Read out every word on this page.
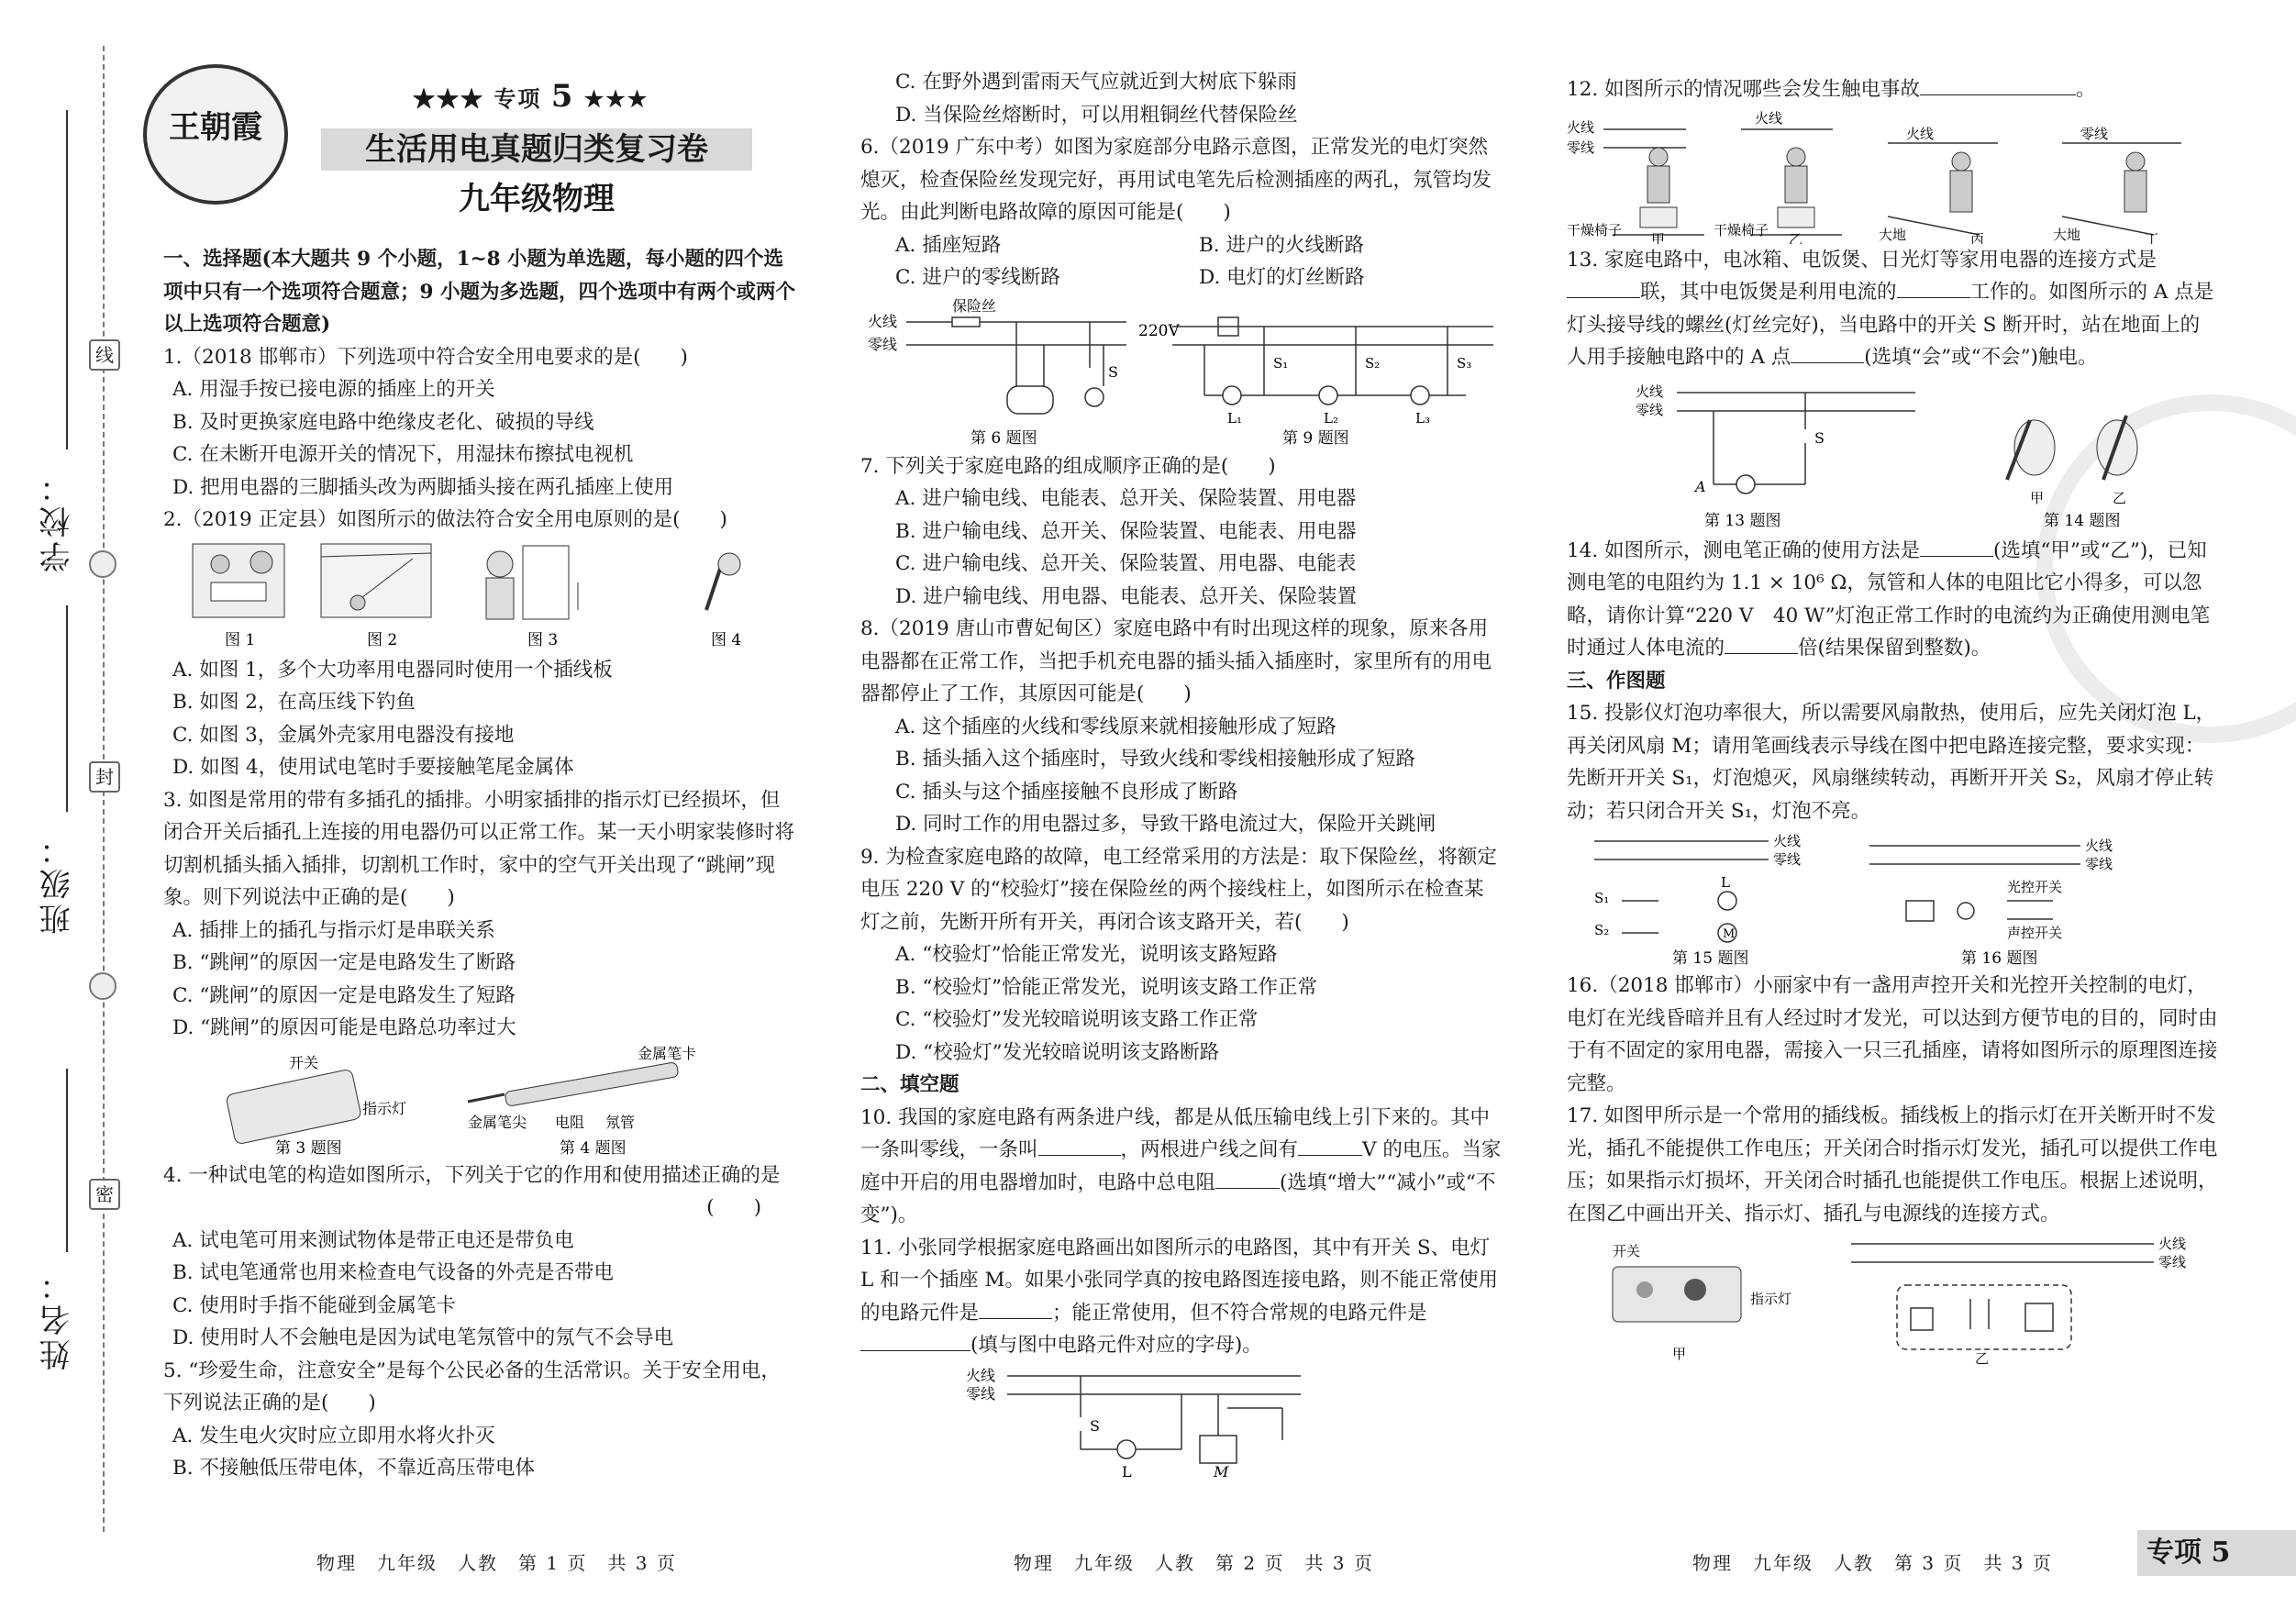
学校：
班级：
姓名：
线
封
密
王朝霞
★★★ 专项 5 ★★★
生活用电真题归类复习卷
九年级物理
一、选择题(本大题共 9 个小题，1~8 小题为单选题，每小题的四个选项中只有一个选项符合题意；9 小题为多选题，四个选项中有两个或两个以上选项符合题意)
1.（2018 邯郸市）下列选项中符合安全用电要求的是(　　)
A. 用湿手按已接电源的插座上的开关
B. 及时更换家庭电路中绝缘皮老化、破损的导线
C. 在未断开电源开关的情况下，用湿抹布擦拭电视机
D. 把用电器的三脚插头改为两脚插头接在两孔插座上使用
2.（2019 正定县）如图所示的做法符合安全用电原则的是(　　)
图 1	图 2	图 3	图 4
A. 如图 1，多个大功率用电器同时使用一个插线板
B. 如图 2，在高压线下钓鱼
C. 如图 3，金属外壳家用电器没有接地
D. 如图 4，使用试电笔时手要接触笔尾金属体
3. 如图是常用的带有多插孔的插排。小明家插排的指示灯已经损坏，但闭合开关后插孔上连接的用电器仍可以正常工作。某一天小明家装修时将切割机插头插入插排，切割机工作时，家中的空气开关出现了“跳闸”现象。则下列说法中正确的是(　　)
A. 插排上的插孔与指示灯是串联关系
B. “跳闸”的原因一定是电路发生了断路
C. “跳闸”的原因一定是电路发生了短路
D. “跳闸”的原因可能是电路总功率过大
开关
指示灯
第 3 题图
金属笔卡
金属笔尖 电阻 氖管
第 4 题图
4. 一种试电笔的构造如图所示，下列关于它的作用和使用描述正确的是
(　　)
A. 试电笔可用来测试物体是带正电还是带负电
B. 试电笔通常也用来检查电气设备的外壳是否带电
C. 使用时手指不能碰到金属笔卡
D. 使用时人不会触电是因为试电笔氖管中的氖气不会导电
5. “珍爱生命，注意安全”是每个公民必备的生活常识。关于安全用电，下列说法正确的是(　　)
A. 发生电火灾时应立即用水将火扑灭
B. 不接触低压带电体，不靠近高压带电体
C. 在野外遇到雷雨天气应就近到大树底下躲雨
D. 当保险丝熔断时，可以用粗铜丝代替保险丝
6.（2019 广东中考）如图为家庭部分电路示意图，正常发光的电灯突然熄灭，检查保险丝发现完好，再用试电笔先后检测插座的两孔，氖管均发光。由此判断电路故障的原因可能是(　　)
A. 插座短路	B. 进户的火线断路
C. 进户的零线断路	D. 电灯的灯丝断路
火线
零线
保险丝
S
第 6 题图
220V
S₁	S₂	S₃
L₁	L₂	L₃
第 9 题图
7. 下列关于家庭电路的组成顺序正确的是(　　)
A. 进户输电线、电能表、总开关、保险装置、用电器
B. 进户输电线、总开关、保险装置、电能表、用电器
C. 进户输电线、总开关、保险装置、用电器、电能表
D. 进户输电线、用电器、电能表、总开关、保险装置
8.（2019 唐山市曹妃甸区）家庭电路中有时出现这样的现象，原来各用电器都在正常工作，当把手机充电器的插头插入插座时，家里所有的用电器都停止了工作，其原因可能是(　　)
A. 这个插座的火线和零线原来就相接触形成了短路
B. 插头插入这个插座时，导致火线和零线相接触形成了短路
C. 插头与这个插座接触不良形成了断路
D. 同时工作的用电器过多，导致干路电流过大，保险开关跳闸
9. 为检查家庭电路的故障，电工经常采用的方法是：取下保险丝，将额定电压 220 V 的“校验灯”接在保险丝的两个接线柱上，如图所示在检查某灯之前，先断开所有开关，再闭合该支路开关，若(　　)
A. “校验灯”恰能正常发光，说明该支路短路
B. “校验灯”恰能正常发光，说明该支路工作正常
C. “校验灯”发光较暗说明该支路工作正常
D. “校验灯”发光较暗说明该支路断路
二、填空题
10. 我国的家庭电路有两条进户线，都是从低压输电线上引下来的。其中一条叫零线，一条叫	，两根进户线之间有	V 的电压。当家庭中开启的用电器增加时，电路中总电阻	(选填“增大”“减小”或“不变”)。
11. 小张同学根据家庭电路画出如图所示的电路图，其中有开关 S、电灯 L 和一个插座 M。如果小张同学真的按电路图连接电路，则不能正常使用的电路元件是	；能正常使用，但不符合常规的电路元件是(填与图中电路元件对应的字母)。
火线
零线
S
L	M
12. 如图所示的情况哪些会发生触电事故	。
火线
零线
火线
火线	零线
干燥椅子	干燥椅子	大地	大地
甲	乙	丙	丁
13. 家庭电路中，电冰箱、电饭煲、日光灯等家用电器的连接方式是联，其中电饭煲是利用电流的	工作的。如图所示的 A 点是灯头接导线的螺丝(灯丝完好)，当电路中的开关 S 断开时，站在地面上的人用手接触电路中的 A 点	(选填“会”或“不会”)触电。
火线
零线
A
S
第 13 题图
甲	乙
第 14 题图
14. 如图所示，测电笔正确的使用方法是	(选填“甲”或“乙”)，已知测电笔的电阻约为 1.1 × 10⁶ Ω，氖管和人体的电阻比它小得多，可以忽略，请你计算“220 V　40 W”灯泡正常工作时的电流约为正确使用测电笔时通过人体电流的	倍(结果保留到整数)。
三、作图题
15. 投影仪灯泡功率很大，所以需要风扇散热，使用后，应先关闭灯泡 L，再关闭风扇 M；请用笔画线表示导线在图中把电路连接完整，要求实现：先断开开关 S₁，灯泡熄灭，风扇继续转动，再断开开关 S₂，风扇才停止转动；若只闭合开关 S₁，灯泡不亮。
火线
零线
S₁
S₂
L
M
第 15 题图
火线
零线
光控开关
声控开关
第 16 题图
16.（2018 邯郸市）小丽家中有一盏用声控开关和光控开关控制的电灯，电灯在光线昏暗并且有人经过时才发光，可以达到方便节电的目的，同时由于有不固定的家用电器，需接入一只三孔插座，请将如图所示的原理图连接完整。
17. 如图甲所示是一个常用的插线板。插线板上的指示灯在开关断开时不发光，插孔不能提供工作电压；开关闭合时指示灯发光，插孔可以提供工作电压；如果指示灯损坏，开关闭合时插孔也能提供工作电压。根据上述说明，在图乙中画出开关、指示灯、插孔与电源线的连接方式。
开关
指示灯
甲
火线
零线
乙
物理　九年级　人教　第 1 页　共 3 页	物理　九年级　人教　第 2 页　共 3 页	物理　九年级　人教　第 3 页　共 3 页	专项 5
